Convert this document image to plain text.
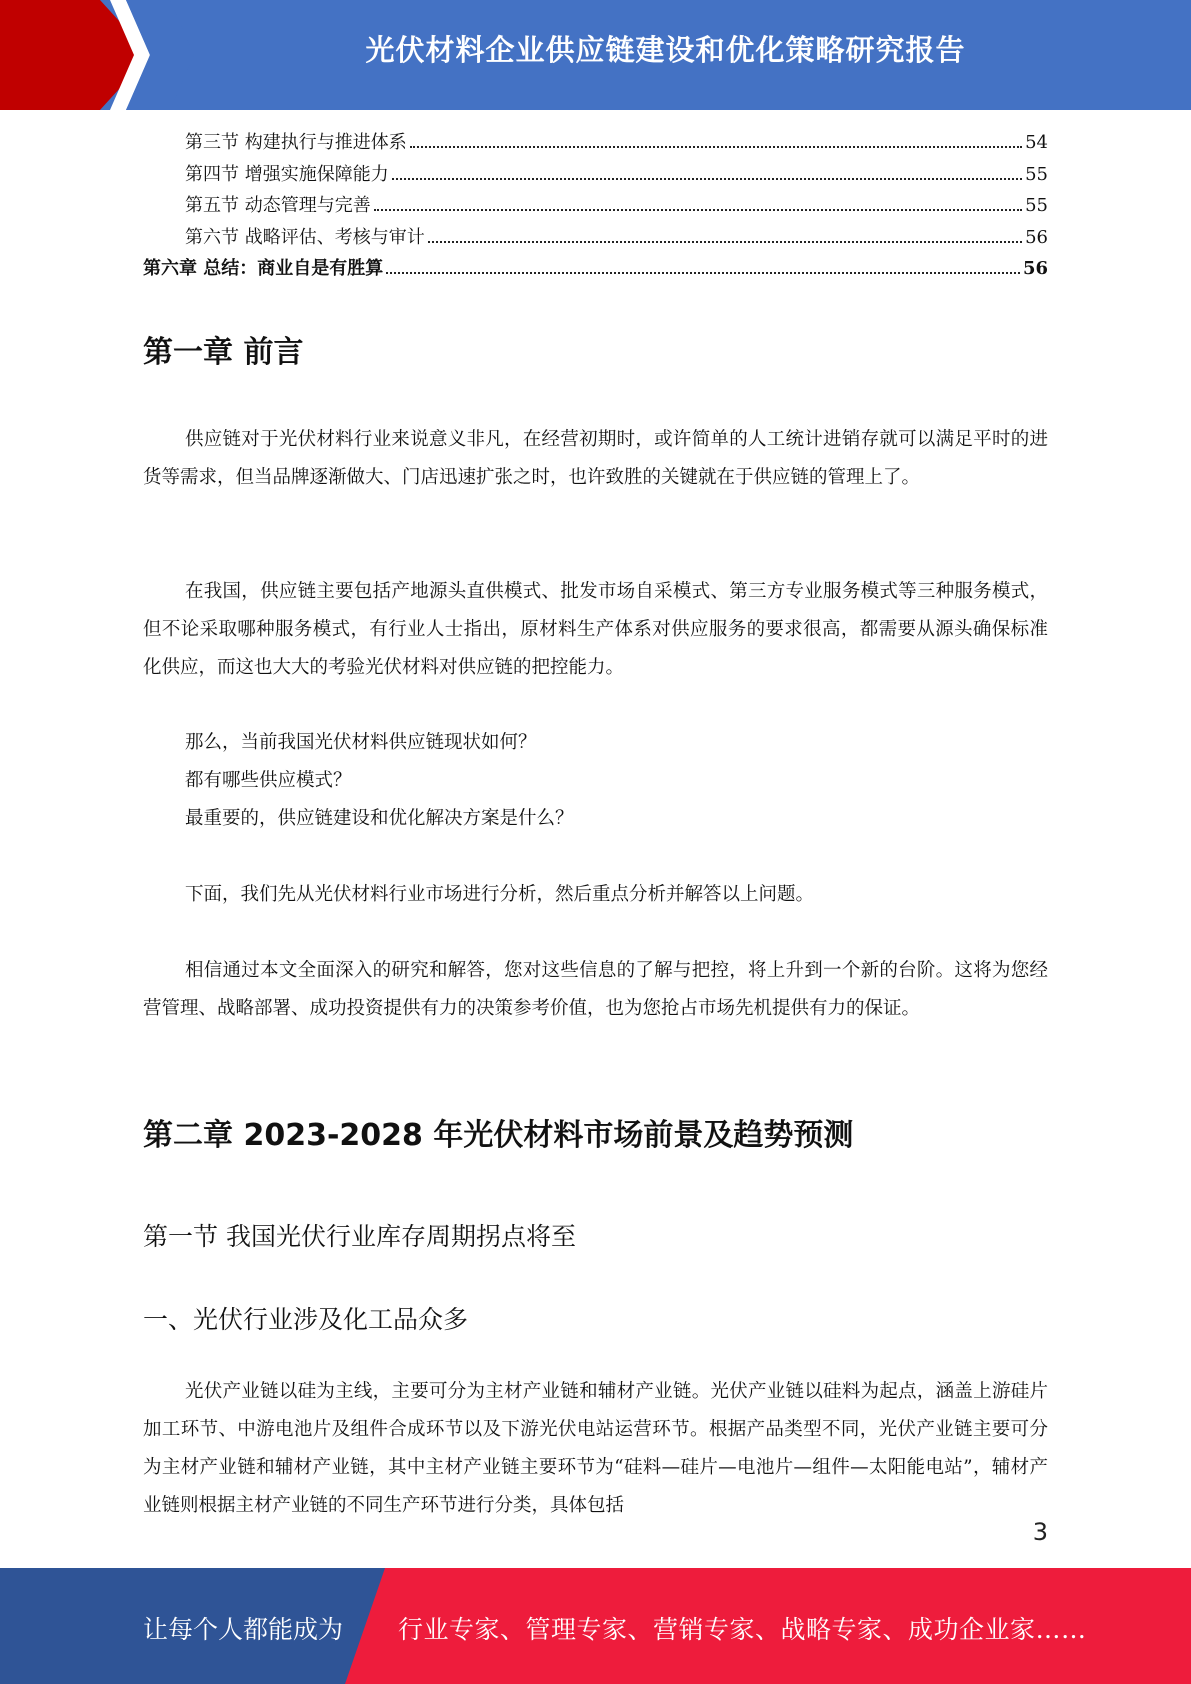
光伏材料企业供应链建设和优化策略研究报告
第三节 构建执行与推进体系	54
第四节 增强实施保障能力	55
第五节 动态管理与完善	55
第六节 战略评估、考核与审计	56
第六章 总结：商业自是有胜算	56
第一章 前言
供应链对于光伏材料行业来说意义非凡，在经营初期时，或许简单的人工统计进销存就可以满足平时的进货等需求，但当品牌逐渐做大、门店迅速扩张之时，也许致胜的关键就在于供应链的管理上了。
在我国，供应链主要包括产地源头直供模式、批发市场自采模式、第三方专业服务模式等三种服务模式，但不论采取哪种服务模式，有行业人士指出，原材料生产体系对供应服务的要求很高，都需要从源头确保标准化供应，而这也大大的考验光伏材料对供应链的把控能力。
那么，当前我国光伏材料供应链现状如何？
都有哪些供应模式？
最重要的，供应链建设和优化解决方案是什么？
下面，我们先从光伏材料行业市场进行分析，然后重点分析并解答以上问题。
相信通过本文全面深入的研究和解答，您对这些信息的了解与把控，将上升到一个新的台阶。这将为您经营管理、战略部署、成功投资提供有力的决策参考价值，也为您抢占市场先机提供有力的保证。
第二章 2023-2028 年光伏材料市场前景及趋势预测
第一节 我国光伏行业库存周期拐点将至
一、光伏行业涉及化工品众多
光伏产业链以硅为主线，主要可分为主材产业链和辅材产业链。光伏产业链以硅料为起点，涵盖上游硅片加工环节、中游电池片及组件合成环节以及下游光伏电站运营环节。根据产品类型不同，光伏产业链主要可分为主材产业链和辅材产业链，其中主材产业链主要环节为“硅料—硅片—电池片—组件—太阳能电站”，辅材产业链则根据主材产业链的不同生产环节进行分类，具体包括
3
让每个人都能成为 行业专家、管理专家、营销专家、战略专家、成功企业家……
